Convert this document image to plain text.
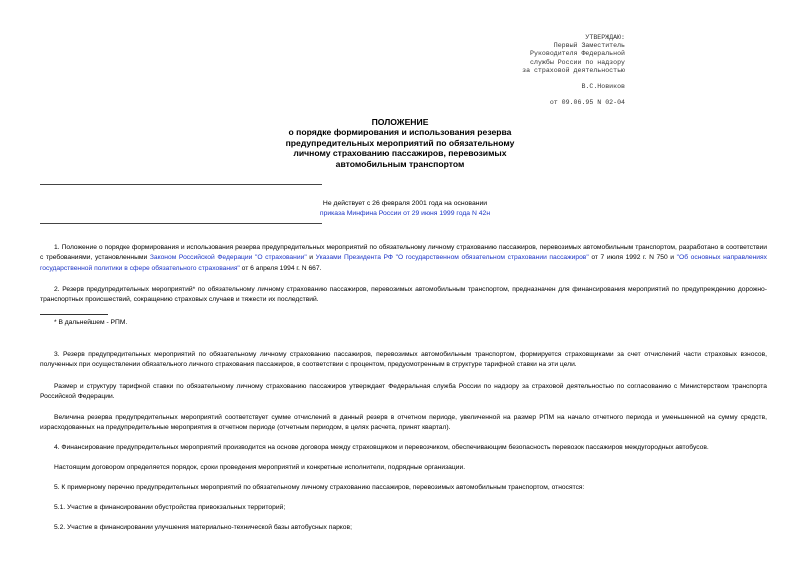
УТВЕРЖДАЮ:
Первый Заместитель
Руководителя Федеральной
службы России по надзору
за страховой деятельностью
В.С.Новиков
от 09.06.95 N 02-04
ПОЛОЖЕНИЕ
о порядке формирования и использования резерва
предупредительных мероприятий по обязательному
личному страхованию пассажиров, перевозимых
автомобильным транспортом
Не действует с 26 февраля 2001 года на основании
приказа Минфина России от 29 июня 1999 года N 42н
1. Положение о порядке формирования и использования резерва предупредительных мероприятий по обязательному личному страхованию пассажиров, перевозимых автомобильным транспортом, разработано в соответствии с требованиями, установленными Законом Российской Федерации "О страховании" и Указами Президента РФ "О государственном обязательном страховании пассажиров" от 7 июля 1992 г. N 750 и "Об основных направлениях государственной политики в сфере обязательного страхования" от 6 апреля 1994 г. N 667.
2. Резерв предупредительных мероприятий* по обязательному личному страхованию пассажиров, перевозимых автомобильным транспортом, предназначен для финансирования мероприятий по предупреждению дорожно-транспортных происшествий, сокращению страховых случаев и тяжести их последствий.
* В дальнейшем - РПМ.
3. Резерв предупредительных мероприятий по обязательному личному страхованию пассажиров, перевозимых автомобильным транспортом, формируется страховщиками за счет отчислений части страховых взносов, полученных при осуществлении обязательного личного страхования пассажиров, в соответствии с процентом, предусмотренным в структуре тарифной ставки на эти цели.
Размер и структуру тарифной ставки по обязательному личному страхованию пассажиров утверждает Федеральная служба России по надзору за страховой деятельностью по согласованию с Министерством транспорта Российской Федерации.
Величина резерва предупредительных мероприятий соответствует сумме отчислений в данный резерв в отчетном периоде, увеличенной на размер РПМ на начало отчетного периода и уменьшенной на сумму средств, израсходованных на предупредительные мероприятия в отчетном периоде (отчетным периодом, в целях расчета, принят квартал).
4. Финансирование предупредительных мероприятий производится на основе договора между страховщиком и перевозчиком, обеспечивающим безопасность перевозок пассажиров междугородных автобусов.
Настоящим договором определяется порядок, сроки проведения мероприятий и конкретные исполнители, подрядные организации.
5. К примерному перечню предупредительных мероприятий по обязательному личному страхованию пассажиров, перевозимых автомобильным транспортом, относятся:
5.1. Участие в финансировании обустройства привокзальных территорий;
5.2. Участие в финансировании улучшения материально-технической базы автобусных парков;
